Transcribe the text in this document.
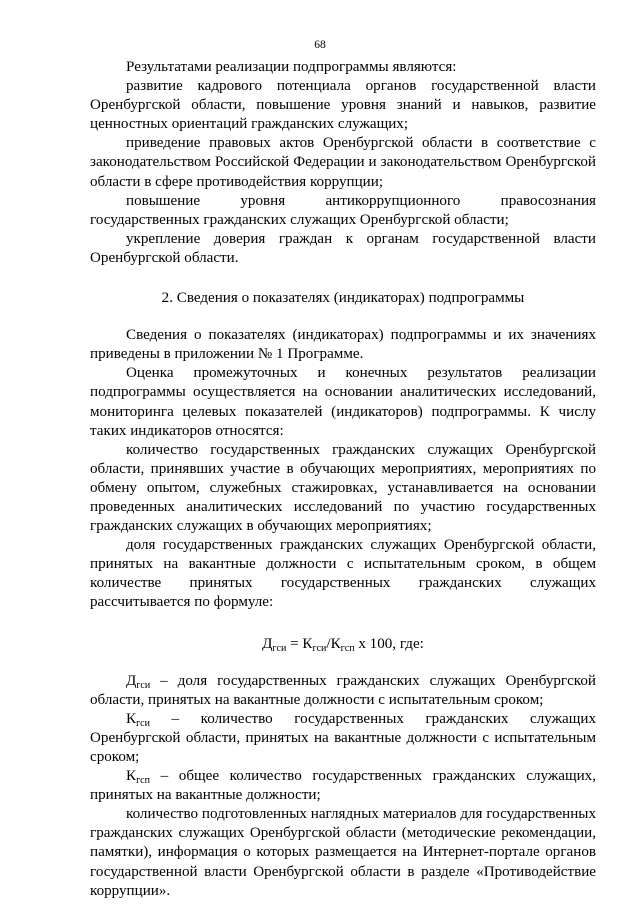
68

Результатами реализации подпрограммы являются:

развитие кадрового потенциала органов государственной власти Оренбургской области, повышение уровня знаний и навыков, развитие ценностных ориентаций гражданских служащих;

приведение правовых актов Оренбургской области в соответствие с законодательством Российской Федерации и законодательством Оренбургской области в сфере противодействия коррупции;

повышение уровня антикоррупционного правосознания государственных гражданских служащих Оренбургской области;

укрепление доверия граждан к органам государственной власти Оренбургской области.

2. Сведения о показателях (индикаторах) подпрограммы

Сведения о показателях (индикаторах) подпрограммы и их значениях приведены в приложении № 1 Программе.

Оценка промежуточных и конечных результатов реализации подпрограммы осуществляется на основании аналитических исследований, мониторинга целевых показателей (индикаторов) подпрограммы. К числу таких индикаторов относятся:

количество государственных гражданских служащих Оренбургской области, принявших участие в обучающих мероприятиях, мероприятиях по обмену опытом, служебных стажировках, устанавливается на основании проведенных аналитических исследований по участию государственных гражданских служащих в обучающих мероприятиях;

доля государственных гражданских служащих Оренбургской области, принятых на вакантные должности с испытательным сроком, в общем количестве принятых государственных гражданских служащих рассчитывается по формуле:

$Д_{гси} = К_{гси}/К_{гсп}$ x 100, где:

$Д_{гси}$ – доля государственных гражданских служащих Оренбургской области, принятых на вакантные должности с испытательным сроком;

$К_{гси}$ – количество государственных гражданских служащих Оренбургской области, принятых на вакантные должности с испытательным сроком;

$К_{гсп}$ – общее количество государственных гражданских служащих, принятых на вакантные должности;

количество подготовленных наглядных материалов для государственных гражданских служащих Оренбургской области (методические рекомендации, памятки), информация о которых размещается на Интернет-портале органов государственной власти Оренбургской области в разделе «Противодействие коррупции».
